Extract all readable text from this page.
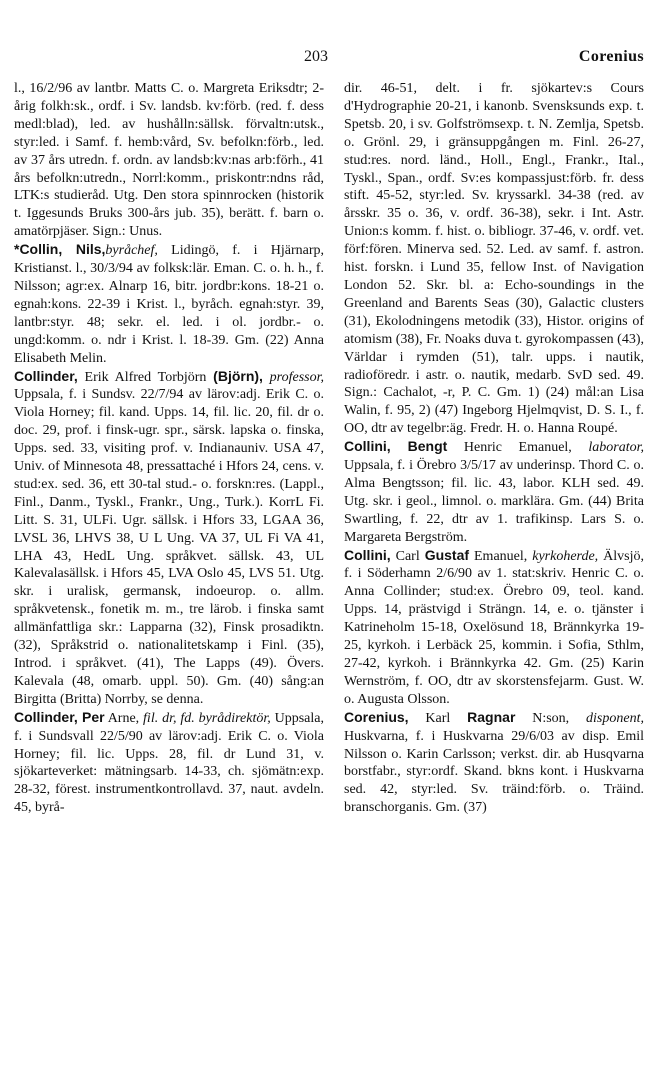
203	Corenius

l., 16/2/96 av lantbr. Matts C. o. Margreta Eriksdtr; 2-årig folkh:sk., ordf. i Sv. landsb. kv:förb. (red. f. dess medl:blad), led. av hushålln:sällsk. förvaltn:utsk., styr:led. i Samf. f. hemb:vård, Sv. befolkn:förb., led. av 37 års utredn. f. ordn. av landsb:kv:nas arb:förh., 41 års befolkn:utredn., Norrl:komm., priskontr:ndns råd, LTK:s studieråd. Utg. Den stora spinnrocken (historik t. Iggesunds Bruks 300-års jub. 35), berätt. f. barn o. amatörpjäser. Sign.: Unus.

*Collin, Nils,byråchef, Lidingö, f. i Hjärnarp, Kristianst. l., 30/3/94 av folksk:lär. Eman. C. o. h. h., f. Nilsson; agr:ex. Alnarp 16, bitr. jordbr:kons. 18-21 o. egnah:kons. 22-39 i Krist. l., byråch. egnah:styr. 39, lantbr:styr. 48; sekr. el. led. i ol. jordbr.- o. ungd:komm. o. ndr i Krist. l. 18-39. Gm. (22) Anna Elisabeth Melin.

Collinder, Erik Alfred Torbjörn (Björn), professor, Uppsala, f. i Sundsv. 22/7/94 av lärov:adj. Erik C. o. Viola Horney; fil. kand. Upps. 14, fil. lic. 20, fil. dr o. doc. 29, prof. i finsk-ugr. spr., särsk. lapska o. finska, Upps. sed. 33, visiting prof. v. Indianauniv. USA 47, Univ. of Minnesota 48, pressattaché i Hfors 24, cens. v. stud:ex. sed. 36, ett 30-tal stud.- o. forskn:res. (Lappl., Finl., Danm., Tyskl., Frankr., Ung., Turk.). KorrL Fi. Litt. S. 31, ULFi. Ugr. sällsk. i Hfors 33, LGAA 36, LVSL 36, LHVS 38, U L Ung. VA 37, UL Fi VA 41, LHA 43, HedL Ung. språkvet. sällsk. 43, UL Kalevalasällsk. i Hfors 45, LVA Oslo 45, LVS 51. Utg. skr. i uralisk, germansk, indoeurop. o. allm. språkvetensk., fonetik m. m., tre lärob. i finska samt allmänfattliga skr.: Lapparna (32), Finsk prosadiktn. (32), Språkstrid o. nationalitetskamp i Finl. (35), Introd. i språkvet. (41), The Lapps (49). Övers. Kalevala (48, omarb. uppl. 50). Gm. (40) sång:an Birgitta (Britta) Norrby, se denna.

Collinder, Per Arne, fil. dr, fd. byrådirektör, Uppsala, f. i Sundsvall 22/5/90 av lärov:adj. Erik C. o. Viola Horney; fil. lic. Upps. 28, fil. dr Lund 31, v. sjökarteverket: mätningsarb. 14-33, ch. sjömätn:exp. 28-32, förest. instrumentkontrollavd. 37, naut. avdeln. 45, byrå-

dir. 46-51, delt. i fr. sjökartev:s Cours d'Hydrographie 20-21, i kanonb. Svensksunds exp. t. Spetsb. 20, i sv. Golfströmsexp. t. N. Zemlja, Spetsb. o. Grönl. 29, i gränsuppgången m. Finl. 26-27, stud:res. nord. länd., Holl., Engl., Frankr., Ital., Tyskl., Span., ordf. Sv:es kompassjust:förb. fr. dess stift. 45-52, styr:led. Sv. kryssarkl. 34-38 (red. av årsskr. 35 o. 36, v. ordf. 36-38), sekr. i Int. Astr. Union:s komm. f. hist. o. bibliogr. 37-46, v. ordf. vet. förf:fören. Minerva sed. 52. Led. av samf. f. astron. hist. forskn. i Lund 35, fellow Inst. of Navigation London 52. Skr. bl. a: Echo-soundings in the Greenland and Barents Seas (30), Galactic clusters (31), Ekolodningens metodik (33), Histor. origins of atomism (38), Fr. Noaks duva t. gyrokompassen (43), Världar i rymden (51), talr. upps. i nautik, radioföredr. i astr. o. nautik, medarb. SvD sed. 49. Sign.: Cachalot, -r, P. C. Gm. 1) (24) mål:an Lisa Walin, f. 95, 2) (47) Ingeborg Hjelmqvist, D. S. I., f. OO, dtr av tegelbr:äg. Fredr. H. o. Hanna Roupé.

Collini, Bengt Henric Emanuel, laborator, Uppsala, f. i Örebro 3/5/17 av underinsp. Thord C. o. Alma Bengtsson; fil. lic. 43, labor. KLH sed. 49. Utg. skr. i geol., limnol. o. marklära. Gm. (44) Brita Swartling, f. 22, dtr av 1. trafikinsp. Lars S. o. Margareta Bergström.

Collini, Carl Gustaf Emanuel, kyrkoherde, Älvsjö, f. i Söderhamn 2/6/90 av 1. stat:skriv. Henric C. o. Anna Collinder; stud:ex. Örebro 09, teol. kand. Upps. 14, prästvigd i Strängn. 14, e. o. tjänster i Katrineholm 15-18, Oxelösund 18, Brännkyrka 19-25, kyrkoh. i Lerbäck 25, kommin. i Sofia, Sthlm, 27-42, kyrkoh. i Brännkyrka 42. Gm. (25) Karin Wernström, f. OO, dtr av skorstensfejarm. Gust. W. o. Augusta Olsson.

Corenius, Karl Ragnar N:son, disponent, Huskvarna, f. i Huskvarna 29/6/03 av disp. Emil Nilsson o. Karin Carlsson; verkst. dir. ab Husqvarna borstfabr., styr:ordf. Skand. bkns kont. i Huskvarna sed. 42, styr:led. Sv. träind:förb. o. Träind. branschorganis. Gm. (37)
